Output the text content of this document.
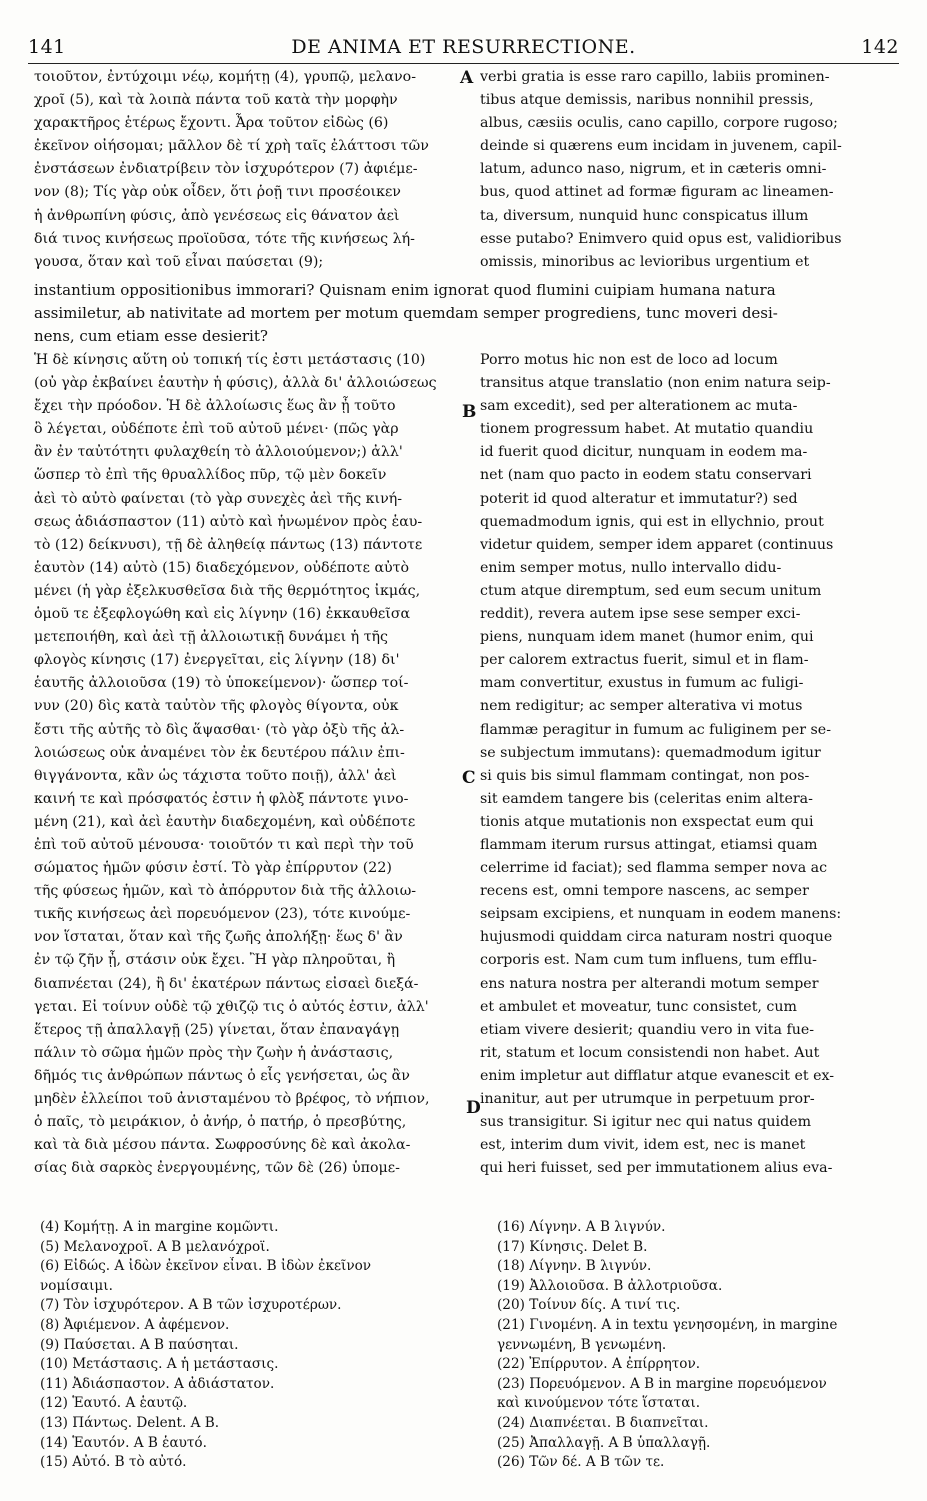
141	DE ANIMA ET RESURRECTIONE.	142
τοιοῦτον, ἐντύχοιμι νέῳ, κομήτῃ (4), γρυπῷ, μελανο-
χροῖ (5), καὶ τὰ λοιπὰ πάντα τοῦ κατὰ τὴν μορφὴν
χαρακτῆρος ἑτέρως ἔχοντι. Ἆρα τοῦτον εἰδὼς (6)
ἐκεῖνον οἰήσομαι; μᾶλλον δὲ τί χρὴ ταῖς ἐλάττοσι τῶν
ἐνστάσεων ἐνδιατρίβειν τὸν ἰσχυρότερον (7) ἀφιέμε-
νον (8); Τίς γὰρ οὐκ οἶδεν, ὅτι ῥοῇ τινι προσέοικεν
ἡ ἀνθρωπίνη φύσις, ἀπὸ γενέσεως εἰς θάνατον ἀεὶ
διά τινος κινήσεως προϊοῦσα, τότε τῆς κινήσεως λή-
γουσα, ὅταν καὶ τοῦ εἶναι παύσεται (9);
verbi gratia is esse raro capillo, labiis prominen-
tibus atque demissis, naribus nonnihil pressis,
albus, cæsiis oculis, cano capillo, corpore rugoso;
deinde si quærens eum incidam in juvenem, capil-
latum, adunco naso, nigrum, et in cæteris omni-
bus, quod attinet ad formæ figuram ac lineamen-
ta, diversum, nunquid hunc conspicatus illum
esse putabo? Enimvero quid opus est, validioribus
omissis, minoribus ac levioribus urgentium et
instantium oppositionibus immorari? Quisnam enim ignorat quod flumini cuipiam humana natura
assimiletur, ab nativitate ad mortem per motum quemdam semper progrediens, tunc moveri desi-
nens, cum etiam esse desierit?
Ἡ δὲ κίνησις αὕτη οὐ τοπική τίς ἐστι μετάστασις (10)
(οὐ γὰρ ἐκβαίνει ἑαυτὴν ἡ φύσις), ἀλλὰ δι' ἀλλοιώσεως
ἔχει τὴν πρόοδον. Ἡ δὲ ἀλλοίωσις ἕως ἂν ᾖ τοῦτο
ὃ λέγεται, οὐδέποτε ἐπὶ τοῦ αὐτοῦ μένει· (πῶς γὰρ
ἂν ἐν ταὐτότητι φυλαχθείη τὸ ἀλλοιούμενον;) ἀλλ'
ὥσπερ τὸ ἐπὶ τῆς θρυαλλίδος πῦρ, τῷ μὲν δοκεῖν
ἀεὶ τὸ αὐτὸ φαίνεται (τὸ γὰρ συνεχὲς ἀεὶ τῆς κινή-
σεως ἀδιάσπαστον (11) αὐτὸ καὶ ἡνωμένον πρὸς ἑαυ-
τὸ (12) δείκνυσι), τῇ δὲ ἀληθείᾳ πάντως (13) πάντοτε
ἑαυτὸν (14) αὐτὸ (15) διαδεχόμενον, οὐδέποτε αὐτὸ
μένει (ἡ γὰρ ἐξελκυσθεῖσα διὰ τῆς θερμότητος ἰκμάς,
ὁμοῦ τε ἐξεφλογώθη καὶ εἰς λίγνην (16) ἐκκαυθεῖσα
μετεποιήθη, καὶ ἀεὶ τῇ ἀλλοιωτικῇ δυνάμει ἡ τῆς
φλογὸς κίνησις (17) ἐνεργεῖται, εἰς λίγνην (18) δι'
ἑαυτῆς ἀλλοιοῦσα (19) τὸ ὑποκείμενον)· ὥσπερ τοί-
νυν (20) δὶς κατὰ ταὐτὸν τῆς φλογὸς θίγοντα, οὐκ
ἔστι τῆς αὐτῆς τὸ δὶς ἅψασθαι· (τὸ γὰρ ὀξὺ τῆς ἀλ-
λοιώσεως οὐκ ἀναμένει τὸν ἐκ δευτέρου πάλιν ἐπι-
θιγγάνοντα, κἂν ὡς τάχιστα τοῦτο ποιῇ), ἀλλ' ἀεὶ
καινή τε καὶ πρόσφατός ἐστιν ἡ φλὸξ πάντοτε γινο-
μένη (21), καὶ ἀεὶ ἑαυτὴν διαδεχομένη, καὶ οὐδέποτε
ἐπὶ τοῦ αὐτοῦ μένουσα· τοιοῦτόν τι καὶ περὶ τὴν τοῦ
σώματος ἡμῶν φύσιν ἐστί. Τὸ γὰρ ἐπίρρυτον (22)
τῆς φύσεως ἡμῶν, καὶ τὸ ἀπόρρυτον διὰ τῆς ἀλλοιω-
τικῆς κινήσεως ἀεὶ πορευόμενον (23), τότε κινούμε-
νον ἵσταται, ὅταν καὶ τῆς ζωῆς ἀπολήξῃ· ἕως δ' ἂν
ἐν τῷ ζῆν ᾖ, στάσιν οὐκ ἔχει. Ἢ γὰρ πληροῦται, ἢ
διαπνέεται (24), ἢ δι' ἑκατέρων πάντως εἰσαεὶ διεξά-
γεται. Εἰ τοίνυν οὐδὲ τῷ χθιζῷ τις ὁ αὐτός ἐστιν, ἀλλ'
ἕτερος τῇ ἀπαλλαγῇ (25) γίνεται, ὅταν ἐπαναγάγῃ
πάλιν τὸ σῶμα ἡμῶν πρὸς τὴν ζωὴν ἡ ἀνάστασις,
δῆμός τις ἀνθρώπων πάντως ὁ εἷς γενήσεται, ὡς ἂν
μηδὲν ἐλλείποι τοῦ ἀνισταμένου τὸ βρέφος, τὸ νήπιον,
ὁ παῖς, τὸ μειράκιον, ὁ ἀνήρ, ὁ πατήρ, ὁ πρεσβύτης,
καὶ τὰ διὰ μέσου πάντα. Σωφροσύνης δὲ καὶ ἀκολα-
σίας διὰ σαρκὸς ἐνεργουμένης, τῶν δὲ (26) ὑπομε-
Porro motus hic non est de loco ad locum
transitus atque translatio (non enim natura seip-
sam excedit), sed per alterationem ac muta-
tionem progressum habet. At mutatio quandiu
id fuerit quod dicitur, nunquam in eodem ma-
net (nam quo pacto in eodem statu conservari
poterit id quod alteratur et immutatur?) sed
quemadmodum ignis, qui est in ellychnio, prout
videtur quidem, semper idem apparet (continuus
enim semper motus, nullo intervallo didu-
ctum atque diremptum, sed eum secum unitum
reddit), revera autem ipse sese semper exci-
piens, nunquam idem manet (humor enim, qui
per calorem extractus fuerit, simul et in flam-
mam convertitur, exustus in fumum ac fuligi-
nem redigitur; ac semper alterativa vi motus
flammæ peragitur in fumum ac fuliginem per se-
se subjectum immutans): quemadmodum igitur
si quis bis simul flammam contingat, non pos-
sit eamdem tangere bis (celeritas enim altera-
tionis atque mutationis non exspectat eum qui
flammam iterum rursus attingat, etiamsi quam
celerrime id faciat); sed flamma semper nova ac
recens est, omni tempore nascens, ac semper
seipsam excipiens, et nunquam in eodem manens:
hujusmodi quiddam circa naturam nostri quoque
corporis est. Nam cum tum influens, tum efflu-
ens natura nostra per alterandi motum semper
et ambulet et moveatur, tunc consistet, cum
etiam vivere desierit; quandiu vero in vita fue-
rit, statum et locum consistendi non habet. Aut
enim impletur aut difflatur atque evanescit et ex-
inanitur, aut per utrumque in perpetuum pror-
sus transigitur. Si igitur nec qui natus quidem
est, interim dum vivit, idem est, nec is manet
qui heri fuisset, sed per immutationem alius eva-
A
B
C
D
(4) Κομήτῃ. A in margine κομῶντι.
(5) Μελανοχροῖ. A B μελανόχροϊ.
(6) Εἰδώς. A ἰδὼν ἐκεῖνον εἶναι. B ἰδὼν ἐκεῖνον
νομίσαιμι.
(7) Τὸν ἰσχυρότερον. A B τῶν ἰσχυροτέρων.
(8) Ἀφιέμενον. A ἀφέμενον.
(9) Παύσεται. A B παύσηται.
(10) Μετάστασις. A ἡ μετάστασις.
(11) Ἀδιάσπαστον. A ἀδιάστατον.
(12) Ἑαυτό. A ἑαυτῷ.
(13) Πάντως. Delent. A B.
(14) Ἑαυτόν. A B ἑαυτό.
(15) Αὐτό. B τὸ αὐτό.
(16) Λίγνην. A B λιγνύν.
(17) Κίνησις. Delet B.
(18) Λίγνην. B λιγνύν.
(19) Ἀλλοιοῦσα. B ἀλλοτριοῦσα.
(20) Τοίνυν δίς. A τινί τις.
(21) Γινομένη. A in textu γενησομένη, in margine
γεννωμένη, B γενωμένη.
(22) Ἐπίρρυτον. A ἐπίρρητον.
(23) Πορευόμενον. A B in margine πορευόμενον
καὶ κινούμενον τότε ἵσταται.
(24) Διαπνέεται. B διαπνεῖται.
(25) Ἀπαλλαγῇ. A B ὑπαλλαγῇ.
(26) Τῶν δέ. A B τῶν τε.
